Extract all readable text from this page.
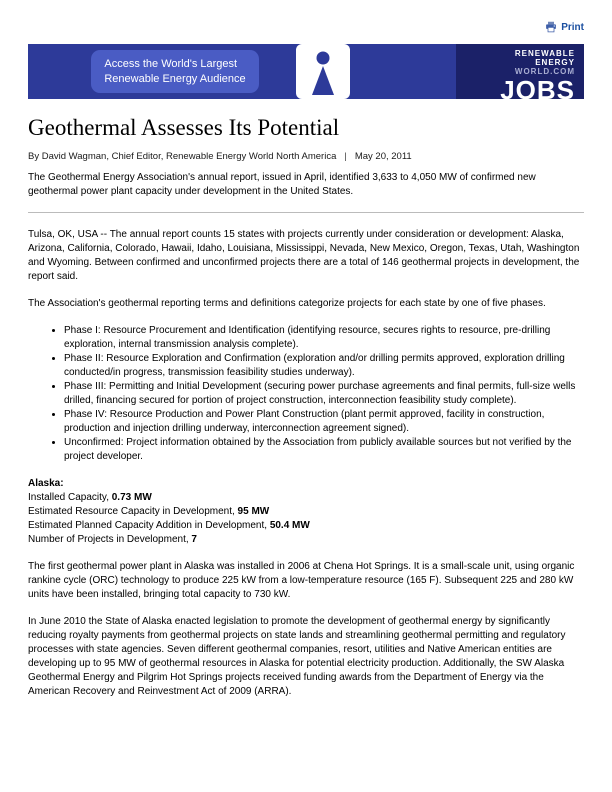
Print
Access the World's Largest
Renewable Energy Audience
RENEWABLE
ENERGY
WORLD.COM
JOBS
Geothermal Assesses Its Potential
By David Wagman, Chief Editor, Renewable Energy World North America | May 20, 2011

The Geothermal Energy Association's annual report, issued in April, identified 3,633 to 4,050 MW of confirmed new geothermal power plant capacity under development in the United States.

Tulsa, OK, USA -- The annual report counts 15 states with projects currently under consideration or development: Alaska, Arizona, California, Colorado, Hawaii, Idaho, Louisiana, Mississippi, Nevada, New Mexico, Oregon, Texas, Utah, Washington and Wyoming. Between confirmed and unconfirmed projects there are a total of 146 geothermal projects in development, the report said.

The Association's geothermal reporting terms and definitions categorize projects for each state by one of five phases.

• Phase I: Resource Procurement and Identification (identifying resource, secures rights to resource, pre-drilling exploration, internal transmission analysis complete).
• Phase II: Resource Exploration and Confirmation (exploration and/or drilling permits approved, exploration drilling conducted/in progress, transmission feasibility studies underway).
• Phase III: Permitting and Initial Development (securing power purchase agreements and final permits, full-size wells drilled, financing secured for portion of project construction, interconnection feasibility study complete).
• Phase IV: Resource Production and Power Plant Construction (plant permit approved, facility in construction, production and injection drilling underway, interconnection agreement signed).
• Unconfirmed: Project information obtained by the Association from publicly available sources but not verified by the project developer.
Alaska:
Installed Capacity, 0.73 MW
Estimated Resource Capacity in Development, 95 MW
Estimated Planned Capacity Addition in Development, 50.4 MW
Number of Projects in Development, 7

The first geothermal power plant in Alaska was installed in 2006 at Chena Hot Springs. It is a small-scale unit, using organic rankine cycle (ORC) technology to produce 225 kW from a low-temperature resource (165 F). Subsequent 225 and 280 kW units have been installed, bringing total capacity to 730 kW.

In June 2010 the State of Alaska enacted legislation to promote the development of geothermal energy by significantly reducing royalty payments from geothermal projects on state lands and streamlining geothermal permitting and regulatory processes with state agencies. Seven different geothermal companies, resort, utilities and Native American entities are developing up to 95 MW of geothermal resources in Alaska for potential electricity production. Additionally, the SW Alaska Geothermal Energy and Pilgrim Hot Springs projects received funding awards from the Department of Energy via the American Recovery and Reinvestment Act of 2009 (ARRA).
